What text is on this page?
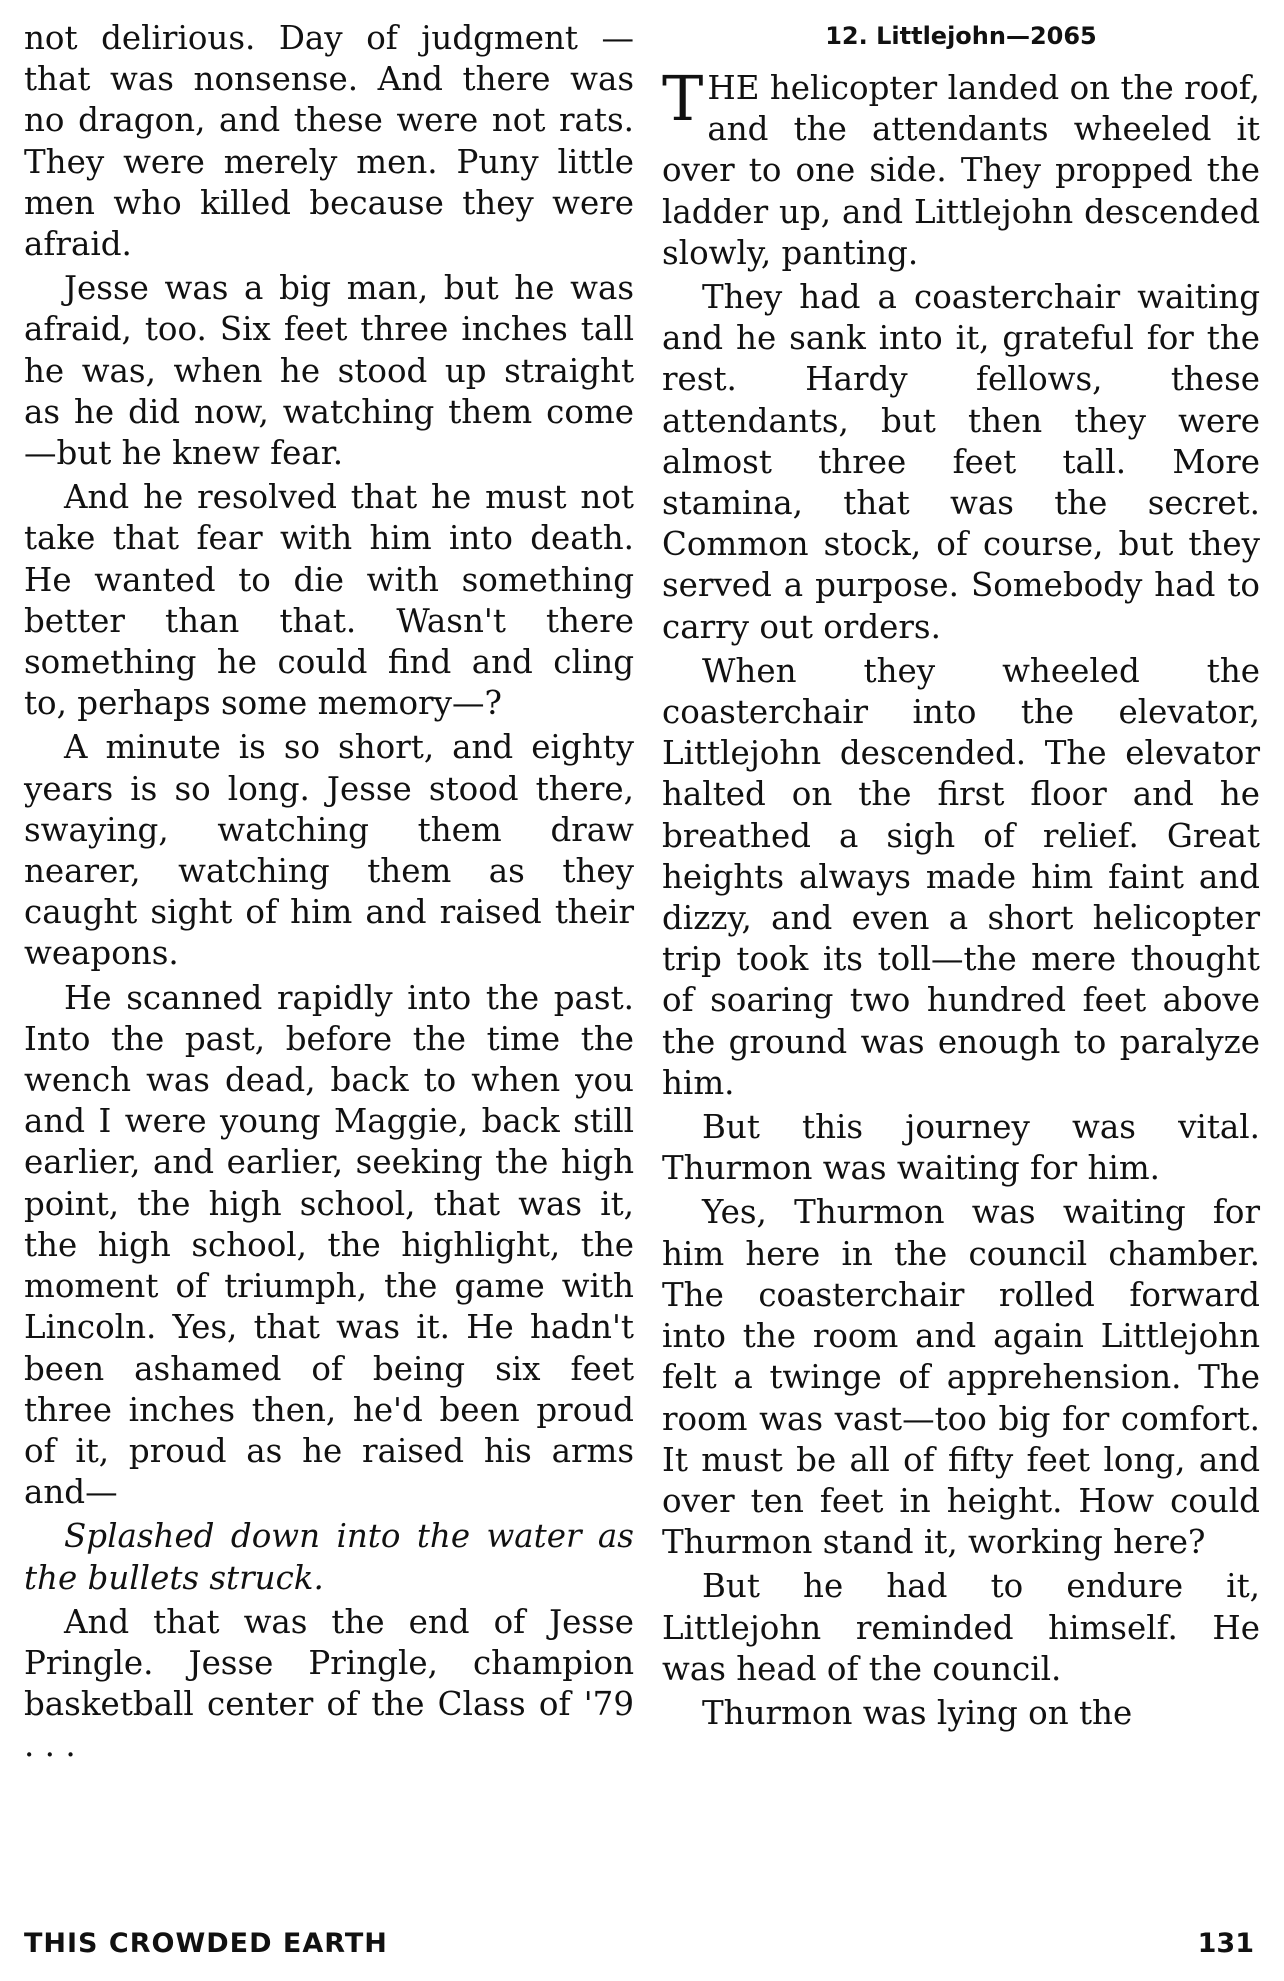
not delirious. Day of judgment —that was nonsense. And there was no dragon, and these were not rats. They were merely men. Puny little men who killed because they were afraid.

Jesse was a big man, but he was afraid, too. Six feet three inches tall he was, when he stood up straight as he did now, watching them come—but he knew fear.

And he resolved that he must not take that fear with him into death. He wanted to die with something better than that. Wasn't there something he could find and cling to, perhaps some memory—?

A minute is so short, and eighty years is so long. Jesse stood there, swaying, watching them draw nearer, watching them as they caught sight of him and raised their weapons.

He scanned rapidly into the past. Into the past, before the time the wench was dead, back to when you and I were young Maggie, back still earlier, and earlier, seeking the high point, the high school, that was it, the high school, the highlight, the moment of triumph, the game with Lincoln. Yes, that was it. He hadn't been ashamed of being six feet three inches then, he'd been proud of it, proud as he raised his arms and—

Splashed down into the water as the bullets struck.

And that was the end of Jesse Pringle. Jesse Pringle, champion basketball center of the Class of '79 . . .

12. Littlejohn—2065

THE helicopter landed on the roof, and the attendants wheeled it over to one side. They propped the ladder up, and Littlejohn descended slowly, panting.

They had a coasterchair waiting and he sank into it, grateful for the rest. Hardy fellows, these attendants, but then they were almost three feet tall. More stamina, that was the secret. Common stock, of course, but they served a purpose. Somebody had to carry out orders.

When they wheeled the coasterchair into the elevator, Littlejohn descended. The elevator halted on the first floor and he breathed a sigh of relief. Great heights always made him faint and dizzy, and even a short helicopter trip took its toll—the mere thought of soaring two hundred feet above the ground was enough to paralyze him.

But this journey was vital. Thurmon was waiting for him.

Yes, Thurmon was waiting for him here in the council chamber. The coasterchair rolled forward into the room and again Littlejohn felt a twinge of apprehension. The room was vast—too big for comfort. It must be all of fifty feet long, and over ten feet in height. How could Thurmon stand it, working here?

But he had to endure it, Littlejohn reminded himself. He was head of the council.

Thurmon was lying on the

THIS CROWDED EARTH	131
